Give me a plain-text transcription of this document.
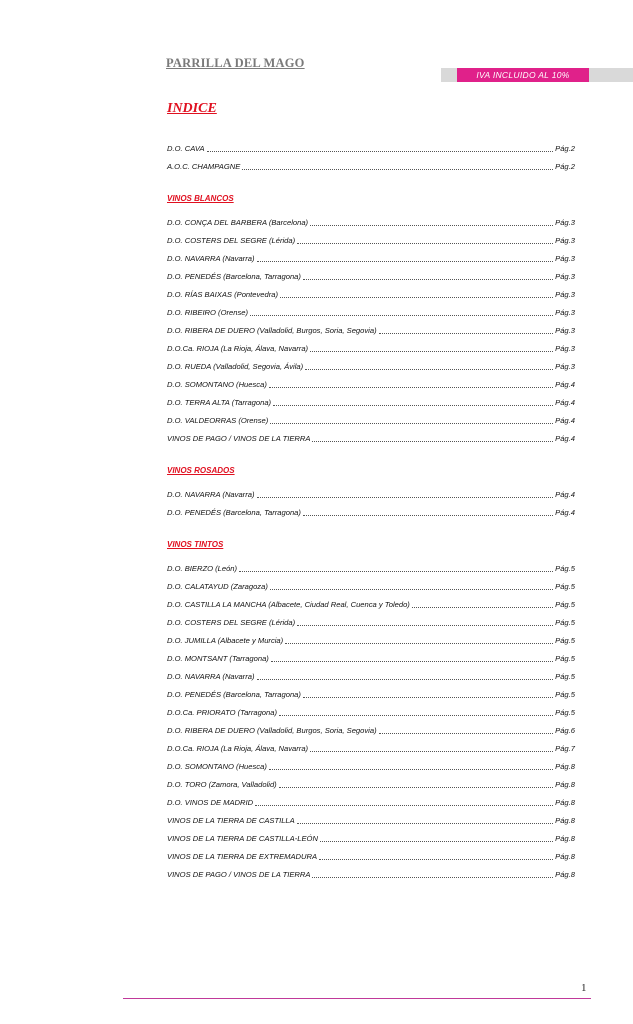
PARRILLA DEL MAGO
IVA INCLUIDO AL 10%
INDICE
D.O. CAVA	Pág.2
A.O.C. CHAMPAGNE	Pág.2
VINOS BLANCOS
D.O. CONÇA DEL BARBERA (Barcelona)	Pág.3
D.O. COSTERS DEL SEGRE (Lérida)	Pág.3
D.O. NAVARRA (Navarra)	Pág.3
D.O. PENEDÉS (Barcelona, Tarragona)	Pág.3
D.O. RÍAS BAIXAS (Pontevedra)	Pág.3
D.O. RIBEIRO (Orense)	Pág.3
D.O. RIBERA DE DUERO (Valladolid, Burgos, Soria, Segovia)	Pág.3
D.O.Ca. RIOJA (La Rioja, Álava, Navarra)	Pág.3
D.O. RUEDA (Valladolid, Segovia, Ávila)	Pág.3
D.O. SOMONTANO (Huesca)	Pág.4
D.O. TERRA ALTA (Tarragona)	Pág.4
D.O. VALDEORRAS (Orense)	Pág.4
VINOS DE PAGO / VINOS DE LA TIERRA	Pág.4
VINOS ROSADOS
D.O. NAVARRA (Navarra)	Pág.4
D.O. PENEDÉS (Barcelona, Tarragona)	Pág.4
VINOS TINTOS
D.O. BIERZO (León)	Pág.5
D.O. CALATAYUD (Zaragoza)	Pág.5
D.O. CASTILLA LA MANCHA (Albacete, Ciudad Real, Cuenca y Toledo)	Pág.5
D.O. COSTERS DEL SEGRE (Lérida)	Pág.5
D.O. JUMILLA (Albacete y Murcia)	Pág.5
D.O. MONTSANT (Tarragona)	Pág.5
D.O. NAVARRA (Navarra)	Pág.5
D.O. PENEDÉS (Barcelona, Tarragona)	Pág.5
D.O.Ca. PRIORATO (Tarragona)	Pág.5
D.O. RIBERA DE DUERO (Valladolid, Burgos, Soria, Segovia)	Pág.6
D.O.Ca. RIOJA (La Rioja, Álava, Navarra)	Pág.7
D.O. SOMONTANO (Huesca)	Pág.8
D.O. TORO (Zamora, Valladolid)	Pág.8
D.O. VINOS DE MADRID	Pág.8
VINOS DE LA TIERRA DE CASTILLA	Pág.8
VINOS DE LA TIERRA DE CASTILLA-LEÓN	Pág.8
VINOS DE LA TIERRA DE EXTREMADURA	Pág.8
VINOS DE PAGO / VINOS DE LA TIERRA	Pág.8
1
